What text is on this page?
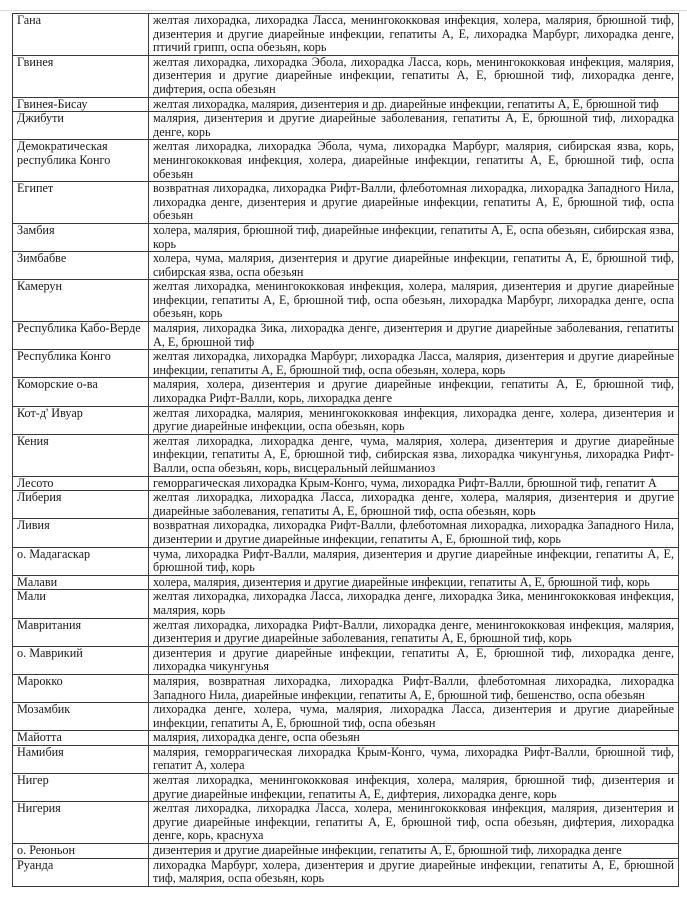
Гана	желтая лихорадка, лихорадка Ласса, менингококковая инфекция, холера, малярия, брюшной тиф, дизентерия и другие диарейные инфекции, гепатиты А, Е, лихорадка Марбург, лихорадка денге, птичий грипп, оспа обезьян, корь
Гвинея	желтая лихорадка, лихорадка Эбола, лихорадка Ласса, корь, менингококковая инфекция, малярия, дизентерия и другие диарейные инфекции, гепатиты А, Е, брюшной тиф, лихорадка денге, дифтерия, оспа обезьян
Гвинея-Бисау	желтая лихорадка, малярия, дизентерия и др. диарейные инфекции, гепатиты А, Е, брюшной тиф
Джибути	малярия, дизентерия и другие диарейные заболевания, гепатиты А, Е, брюшной тиф, лихорадка денге, корь
Демократическая республика Конго	желтая лихорадка, лихорадка Эбола, чума, лихорадка Марбург, малярия, сибирская язва, корь, менингококковая инфекция, холера, диарейные инфекции, гепатиты А, Е, брюшной тиф, оспа обезьян
Египет	возвратная лихорадка, лихорадка Рифт-Валли, флеботомная лихорадка, лихорадка Западного Нила, лихорадка денге, дизентерия и другие диарейные инфекции, гепатиты А, Е, брюшной тиф, оспа обезьян
Замбия	холера, малярия, брюшной тиф, диарейные инфекции, гепатиты А, Е, оспа обезьян, сибирская язва, корь
Зимбабве	холера, чума, малярия, дизентерия и другие диарейные инфекции, гепатиты А, Е, брюшной тиф, сибирская язва, оспа обезьян
Камерун	желтая лихорадка, менингококковая инфекция, холера, малярия, дизентерия и другие диарейные инфекции, гепатиты А, Е, брюшной тиф, оспа обезьян, лихорадка Марбург, лихорадка денге, оспа обезьян, корь
Республика Кабо-Верде	малярия, лихорадка Зика, лихорадка денге, дизентерия и другие диарейные заболевания, гепатиты А, Е, брюшной тиф
Республика Конго	желтая лихорадка, лихорадка Марбург, лихорадка Ласса, малярия, дизентерия и другие диарейные инфекции, гепатиты А, Е, брюшной тиф, оспа обезьян, холера, корь
Коморские о-ва	малярия, холера, дизентерия и другие диарейные инфекции, гепатиты А, Е, брюшной тиф, лихорадка Рифт-Валли, корь, лихорадка денге
Кот-д' Ивуар	желтая лихорадка, малярия, менингококковая инфекция, лихорадка денге, холера, дизентерия и другие диарейные инфекции, оспа обезьян, корь
Кения	желтая лихорадка, лихорадка денге, чума, малярия, холера, дизентерия и другие диарейные инфекции, гепатиты А, Е, брюшной тиф, сибирская язва, лихорадка чикунгунья, лихорадка Рифт-Валли, оспа обезьян, корь, висцеральный лейшманиоз
Лесото	геморрагическая лихорадка Крым-Конго, чума, лихорадка Рифт-Валли, брюшной тиф, гепатит А
Либерия	желтая лихорадка, лихорадка Ласса, лихорадка денге, холера, малярия, дизентерия и другие диарейные заболевания, гепатиты А, Е, брюшной тиф, оспа обезьян, корь
Ливия	возвратная лихорадка, лихорадка Рифт-Валли, флеботомная лихорадка, лихорадка Западного Нила, дизентерии и другие диарейные инфекции, гепатиты А, Е, брюшной тиф, корь
о. Мадагаскар	чума, лихорадка Рифт-Валли, малярия, дизентерия и другие диарейные инфекции, гепатиты А, Е, брюшной тиф, корь
Малави	холера, малярия, дизентерия и другие диарейные инфекции, гепатиты А, Е, брюшной тиф, корь
Мали	желтая лихорадка, лихорадка Ласса, лихорадка денге, лихорадка Зика, менингококковая инфекция, малярия, корь
Мавритания	желтая лихорадка, лихорадка Рифт-Валли, лихорадка денге, менингококковая инфекция, малярия, дизентерия и другие диарейные заболевания, гепатиты А, Е, брюшной тиф, корь
о. Маврикий	дизентерия и другие диарейные инфекции, гепатиты А, Е, брюшной тиф, лихорадка денге, лихорадка чикунгунья
Марокко	малярия, возвратная лихорадка, лихорадка Рифт-Валли, флеботомная лихорадка, лихорадка Западного Нила, диарейные инфекции, гепатиты А, Е, брюшной тиф, бешенство, оспа обезьян
Мозамбик	лихорадка денге, холера, чума, малярия, лихорадка Ласса, дизентерия и другие диарейные инфекции, гепатиты А, Е, брюшной тиф, оспа обезьян
Майотта	малярия, лихорадка денге, оспа обезьян
Намибия	малярия, геморрагическая лихорадка Крым-Конго, чума, лихорадка Рифт-Валли, брюшной тиф, гепатит А, холера
Нигер	желтая лихорадка, менингококковая инфекция, холера, малярия, брюшной тиф, дизентерия и другие диарейные инфекции, гепатиты А, Е, дифтерия, лихорадка денге, корь
Нигерия	желтая лихорадка, лихорадка Ласса, холера, менингококковая инфекция, малярия, дизентерия и другие диарейные инфекции, гепатиты А, Е, брюшной тиф, оспа обезьян, дифтерия, лихорадка денге, корь, краснуха
о. Реюньон	дизентерия и другие диарейные инфекции, гепатиты А, Е, брюшной тиф, лихорадка денге
Руанда	лихорадка Марбург, холера, дизентерия и другие диарейные инфекции, гепатиты А, Е, брюшной тиф, малярия, оспа обезьян, корь
